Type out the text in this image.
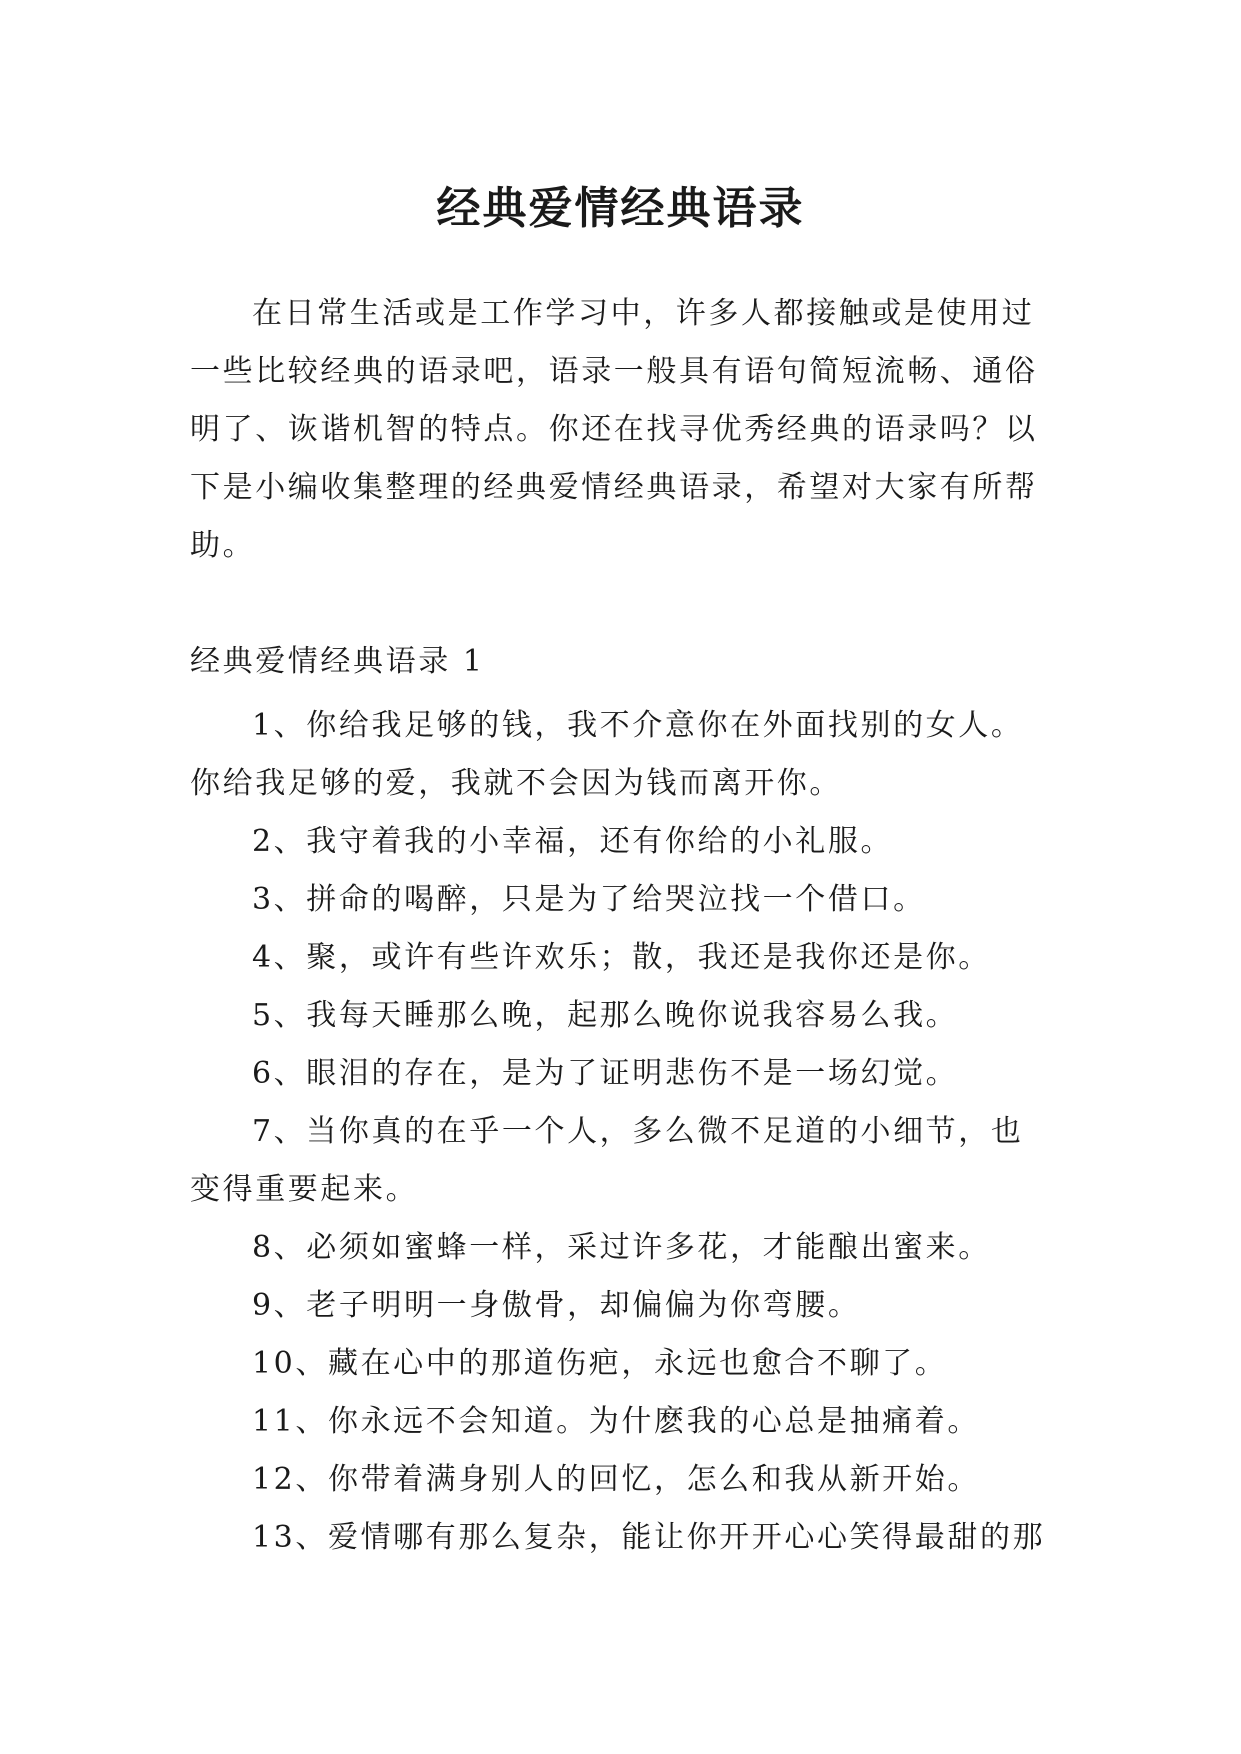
经典爱情经典语录

在日常生活或是工作学习中，许多人都接触或是使用过一些比较经典的语录吧，语录一般具有语句简短流畅、通俗明了、诙谐机智的特点。你还在找寻优秀经典的语录吗？以下是小编收集整理的经典爱情经典语录，希望对大家有所帮助。

经典爱情经典语录 1

1、你给我足够的钱，我不介意你在外面找别的女人。你给我足够的爱，我就不会因为钱而离开你。
2、我守着我的小幸福，还有你给的小礼服。
3、拼命的喝醉，只是为了给哭泣找一个借口。
4、聚，或许有些许欢乐；散，我还是我你还是你。
5、我每天睡那么晚，起那么晚你说我容易么我。
6、眼泪的存在，是为了证明悲伤不是一场幻觉。
7、当你真的在乎一个人，多么微不足道的小细节，也变得重要起来。
8、必须如蜜蜂一样，采过许多花，才能酿出蜜来。
9、老子明明一身傲骨，却偏偏为你弯腰。
10、藏在心中的那道伤疤，永远也愈合不聊了。
11、你永远不会知道。为什麽我的心总是抽痛着。
12、你带着满身别人的回忆，怎么和我从新开始。
13、爱情哪有那么复杂，能让你开开心心笑得最甜的那
